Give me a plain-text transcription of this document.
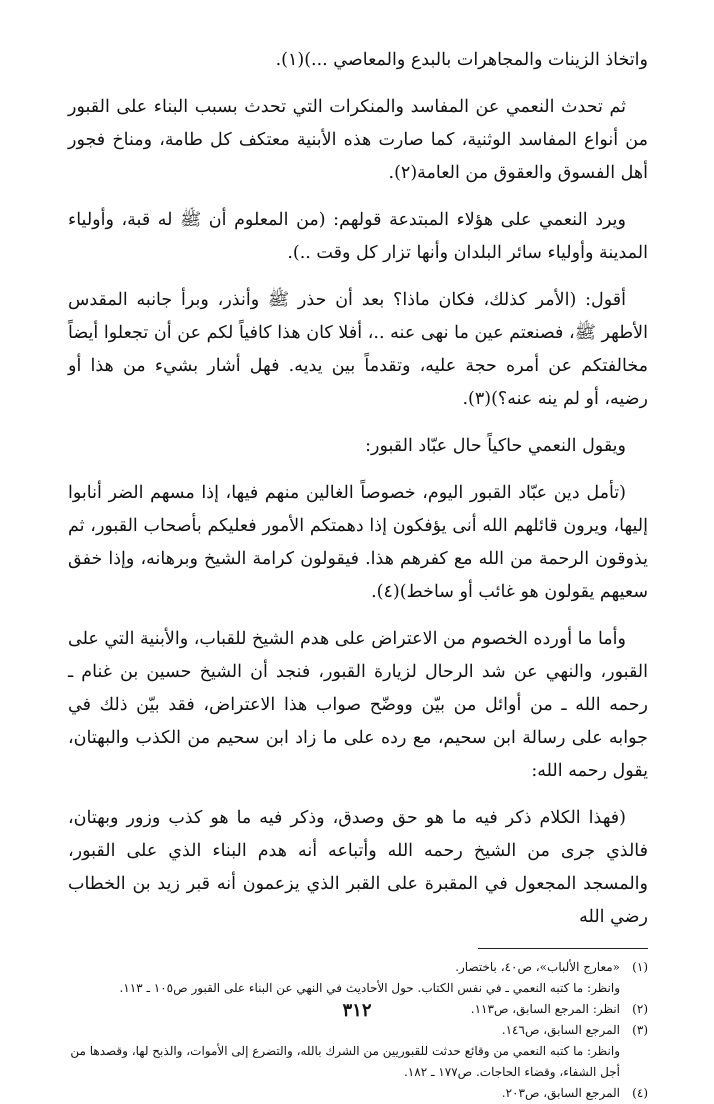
واتخاذ الزينات والمجاهرات بالبدع والمعاصي ...)(١).

ثم تحدث النعمي عن المفاسد والمنكرات التي تحدث بسبب البناء على القبور من أنواع المفاسد الوثنية، كما صارت هذه الأبنية معتكف كل طامة، ومناخ فجور أهل الفسوق والعقوق من العامة(٢).

ويرد النعمي على هؤلاء المبتدعة قولهم: (من المعلوم أن ﷺ له قبة، وأولياء المدينة وأولياء سائر البلدان وأنها تزار كل وقت ..).

أقول: (الأمر كذلك، فكان ماذا؟ بعد أن حذر ﷺ وأنذر، وبرأ جانبه المقدس الأطهر ﷺ، فصنعتم عين ما نهى عنه ..، أفلا كان هذا كافياً لكم عن أن تجعلوا أيضاً مخالفتكم عن أمره حجة عليه، وتقدماً بين يديه. فهل أشار بشيء من هذا أو رضيه، أو لم ينه عنه؟)(٣).

ويقول النعمي حاكياً حال عبّاد القبور:

(تأمل دين عبّاد القبور اليوم، خصوصاً الغالين منهم فيها، إذا مسهم الضر أنابوا إليها، ويرون قائلهم الله أنى يؤفكون إذا دهمتكم الأمور فعليكم بأصحاب القبور، ثم يذوقون الرحمة من الله مع كفرهم هذا. فيقولون كرامة الشيخ وبرهانه، وإذا خفق سعيهم يقولون هو غائب أو ساخط)(٤).

وأما ما أورده الخصوم من الاعتراض على هدم الشيخ للقباب، والأبنية التي على القبور، والنهي عن شد الرحال لزيارة القبور، فنجد أن الشيخ حسين بن غنام ـ رحمه الله ـ من أوائل من بيّن ووضّح صواب هذا الاعتراض، فقد بيّن ذلك في جوابه على رسالة ابن سحيم، مع رده على ما زاد ابن سحيم من الكذب والبهتان، يقول رحمه الله:

(فهذا الكلام ذكر فيه ما هو حق وصدق، وذكر فيه ما هو كذب وزور وبهتان، فالذي جرى من الشيخ رحمه الله وأتباعه أنه هدم البناء الذي على القبور، والمسجد المجعول في المقبرة على القبر الذي يزعمون أنه قبر زيد بن الخطاب رضي الله

(١)
«معارج الألباب»، ص٤٠، باختصار.
وانظر: ما كتبه النعمي ـ في نفس الكتاب. حول الأحاديث في النهي عن البناء على القبور ص١٠٥ ـ ١١٣.
(٢)
انظر: المرجع السابق، ص١١٣.
(٣)
المرجع السابق، ص١٤٦.
وانظر: ما كتبه النعمي من وقائع حدثت للقبوريين من الشرك بالله، والتضرع إلى الأموات، والذبح لها، وقصدها من أجل الشفاء، وقضاء الحاجات. ص١٧٧ ـ ١٨٢.
(٤)
المرجع السابق، ص٢٠٣.
٣١٢
